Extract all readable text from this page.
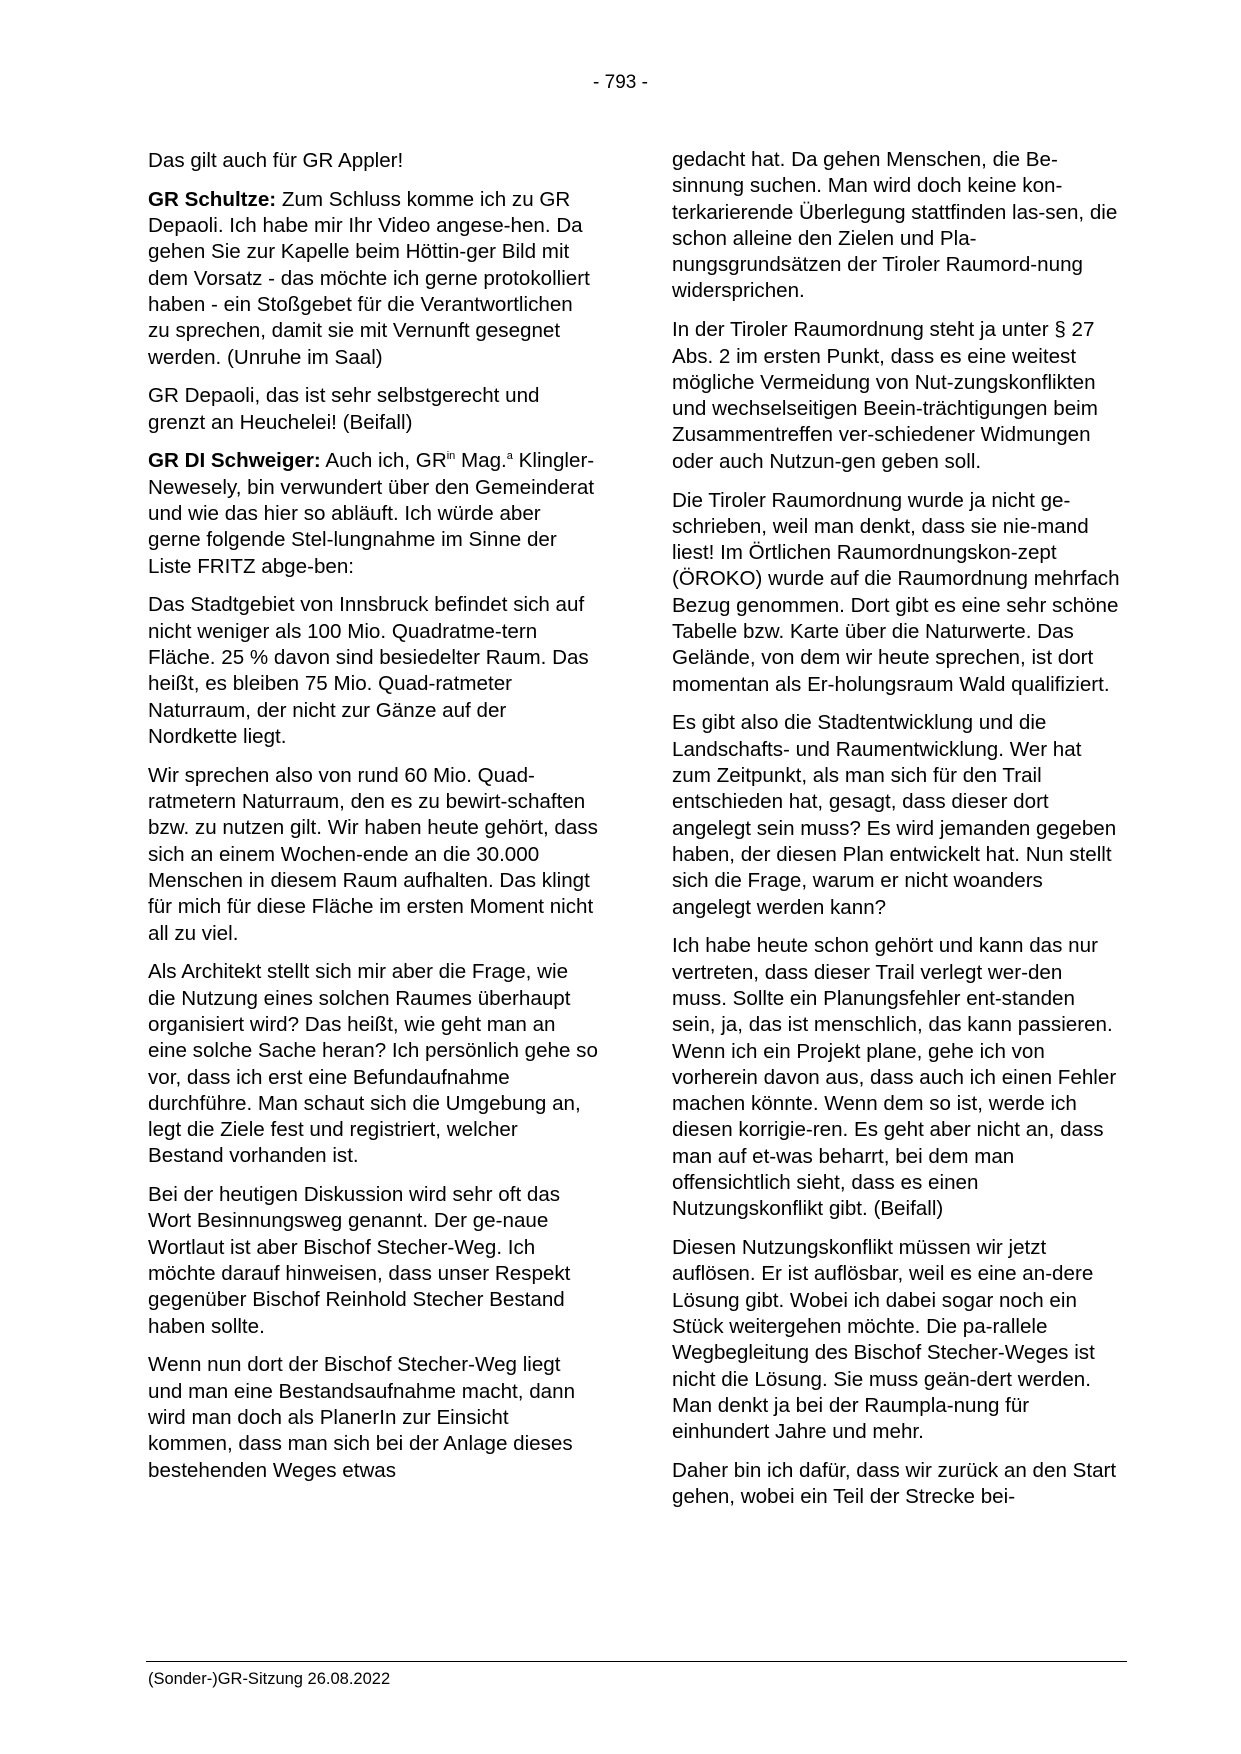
- 793 -

Das gilt auch für GR Appler!

GR Schultze: Zum Schluss komme ich zu GR Depaoli. Ich habe mir Ihr Video angese-hen. Da gehen Sie zur Kapelle beim Höttin-ger Bild mit dem Vorsatz - das möchte ich gerne protokolliert haben - ein Stoßgebet für die Verantwortlichen zu sprechen, damit sie mit Vernunft gesegnet werden. (Unruhe im Saal)

GR Depaoli, das ist sehr selbstgerecht und grenzt an Heuchelei! (Beifall)

GR DI Schweiger: Auch ich, $GR^{in}$ Mag.$^a$ Klingler-Newesely, bin verwundert über den Gemeinderat und wie das hier so abläuft. Ich würde aber gerne folgende Stel-lungnahme im Sinne der Liste FRITZ abge-ben:

Das Stadtgebiet von Innsbruck befindet sich auf nicht weniger als 100 Mio. Quadratme-tern Fläche. 25 % davon sind besiedelter Raum. Das heißt, es bleiben 75 Mio. Quad-ratmeter Naturraum, der nicht zur Gänze auf der Nordkette liegt.

Wir sprechen also von rund 60 Mio. Quad-ratmetern Naturraum, den es zu bewirt-schaften bzw. zu nutzen gilt. Wir haben heute gehört, dass sich an einem Wochen-ende an die 30.000 Menschen in diesem Raum aufhalten. Das klingt für mich für diese Fläche im ersten Moment nicht all zu viel.

Als Architekt stellt sich mir aber die Frage, wie die Nutzung eines solchen Raumes überhaupt organisiert wird? Das heißt, wie geht man an eine solche Sache heran? Ich persönlich gehe so vor, dass ich erst eine Befundaufnahme durchführe. Man schaut sich die Umgebung an, legt die Ziele fest und registriert, welcher Bestand vorhanden ist.

Bei der heutigen Diskussion wird sehr oft das Wort Besinnungsweg genannt. Der ge-naue Wortlaut ist aber Bischof Stecher-Weg. Ich möchte darauf hinweisen, dass unser Respekt gegenüber Bischof Reinhold Stecher Bestand haben sollte.

Wenn nun dort der Bischof Stecher-Weg liegt und man eine Bestandsaufnahme macht, dann wird man doch als PlanerIn zur Einsicht kommen, dass man sich bei der Anlage dieses bestehenden Weges etwas

gedacht hat. Da gehen Menschen, die Be-sinnung suchen. Man wird doch keine kon-terkarierende Überlegung stattfinden las-sen, die schon alleine den Zielen und Pla-nungsgrundsätzen der Tiroler Raumord-nung widersprichen.

In der Tiroler Raumordnung steht ja unter § 27 Abs. 2 im ersten Punkt, dass es eine weitest mögliche Vermeidung von Nut-zungskonflikten und wechselseitigen Beein-trächtigungen beim Zusammentreffen ver-schiedener Widmungen oder auch Nutzun-gen geben soll.

Die Tiroler Raumordnung wurde ja nicht ge-schrieben, weil man denkt, dass sie nie-mand liest! Im Örtlichen Raumordnungskon-zept (ÖROKO) wurde auf die Raumordnung mehrfach Bezug genommen. Dort gibt es eine sehr schöne Tabelle bzw. Karte über die Naturwerte. Das Gelände, von dem wir heute sprechen, ist dort momentan als Er-holungsraum Wald qualifiziert.

Es gibt also die Stadtentwicklung und die Landschafts- und Raumentwicklung. Wer hat zum Zeitpunkt, als man sich für den Trail entschieden hat, gesagt, dass dieser dort angelegt sein muss? Es wird jemanden gegeben haben, der diesen Plan entwickelt hat. Nun stellt sich die Frage, warum er nicht woanders angelegt werden kann?

Ich habe heute schon gehört und kann das nur vertreten, dass dieser Trail verlegt wer-den muss. Sollte ein Planungsfehler ent-standen sein, ja, das ist menschlich, das kann passieren. Wenn ich ein Projekt plane, gehe ich von vorherein davon aus, dass auch ich einen Fehler machen könnte. Wenn dem so ist, werde ich diesen korrigie-ren. Es geht aber nicht an, dass man auf et-was beharrt, bei dem man offensichtlich sieht, dass es einen Nutzungskonflikt gibt. (Beifall)

Diesen Nutzungskonflikt müssen wir jetzt auflösen. Er ist auflösbar, weil es eine an-dere Lösung gibt. Wobei ich dabei sogar noch ein Stück weitergehen möchte. Die pa-rallele Wegbegleitung des Bischof Stecher-Weges ist nicht die Lösung. Sie muss geän-dert werden. Man denkt ja bei der Raumpla-nung für einhundert Jahre und mehr.

Daher bin ich dafür, dass wir zurück an den Start gehen, wobei ein Teil der Strecke bei-

(Sonder-)GR-Sitzung 26.08.2022
